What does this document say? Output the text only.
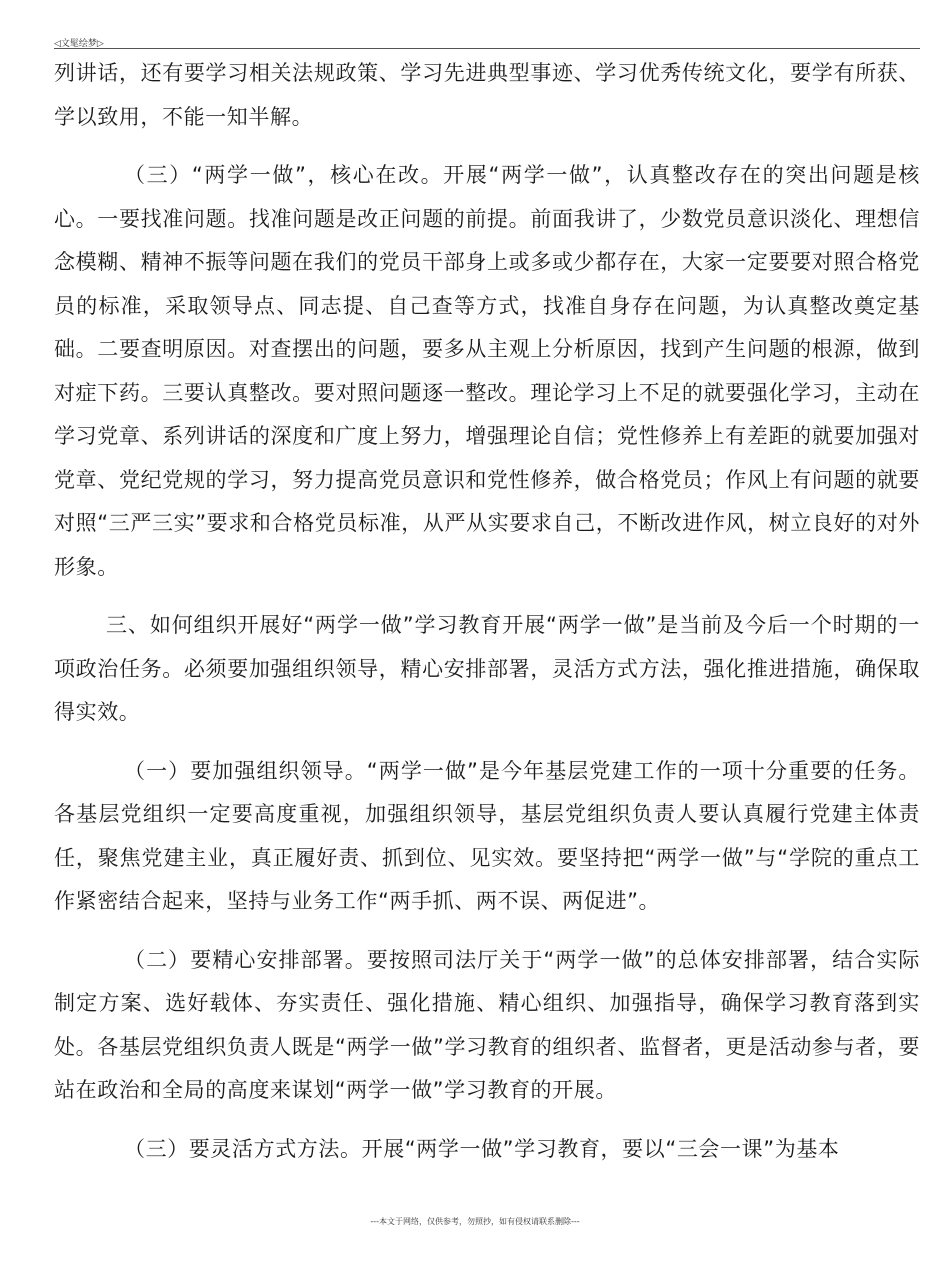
◁文髦绘梦▷

列讲话，还有要学习相关法规政策、学习先进典型事迹、学习优秀传统文化，要学有所获、学以致用，不能一知半解。

（三）“两学一做”，核心在改。开展“两学一做”，认真整改存在的突出问题是核心。一要找准问题。找准问题是改正问题的前提。前面我讲了，少数党员意识淡化、理想信念模糊、精神不振等问题在我们的党员干部身上或多或少都存在，大家一定要要对照合格党员的标准，采取领导点、同志提、自己查等方式，找准自身存在问题，为认真整改奠定基础。二要查明原因。对查摆出的问题，要多从主观上分析原因，找到产生问题的根源，做到对症下药。三要认真整改。要对照问题逐一整改。理论学习上不足的就要强化学习，主动在学习党章、系列讲话的深度和广度上努力，增强理论自信；党性修养上有差距的就要加强对党章、党纪党规的学习，努力提高党员意识和党性修养，做合格党员；作风上有问题的就要对照“三严三实”要求和合格党员标准，从严从实要求自己，不断改进作风，树立良好的对外形象。

三、如何组织开展好“两学一做”学习教育开展“两学一做”是当前及今后一个时期的一项政治任务。必须要加强组织领导，精心安排部署，灵活方式方法，强化推进措施，确保取得实效。

（一）要加强组织领导。“两学一做”是今年基层党建工作的一项十分重要的任务。各基层党组织一定要高度重视，加强组织领导，基层党组织负责人要认真履行党建主体责任，聚焦党建主业，真正履好责、抓到位、见实效。要坚持把“两学一做”与“学院的重点工作紧密结合起来，坚持与业务工作“两手抓、两不误、两促进”。

（二）要精心安排部署。要按照司法厅关于“两学一做”的总体安排部署，结合实际制定方案、选好载体、夯实责任、强化措施、精心组织、加强指导，确保学习教育落到实处。各基层党组织负责人既是“两学一做”学习教育的组织者、监督者，更是活动参与者，要站在政治和全局的高度来谋划“两学一做”学习教育的开展。

（三）要灵活方式方法。开展“两学一做”学习教育，要以“三会一课”为基本

---本文于网络，仅供参考，勿照抄，如有侵权请联系删除---
